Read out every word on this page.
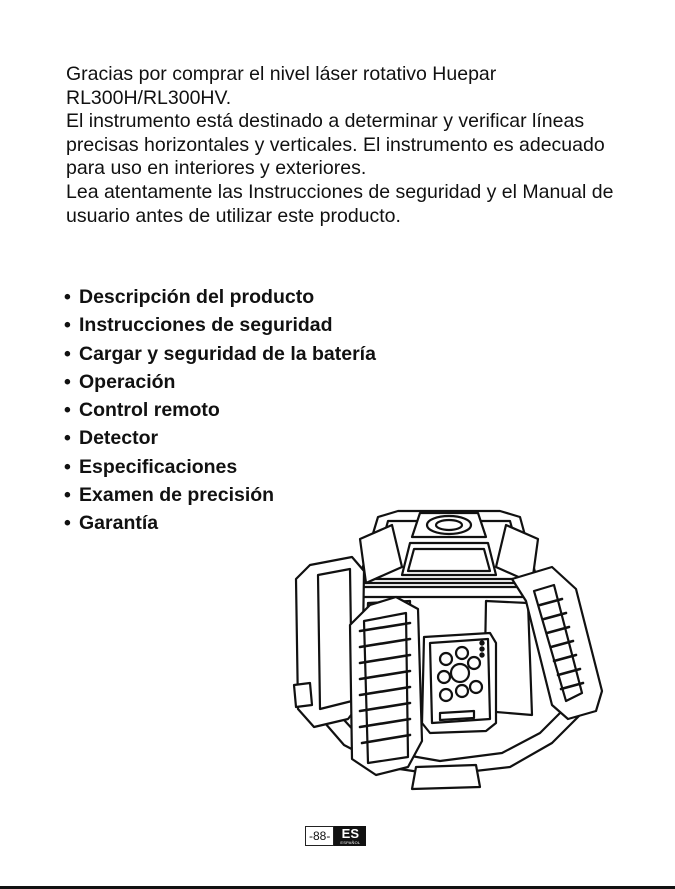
Gracias por comprar el nivel láser rotativo Huepar RL300H/RL300HV.

El instrumento está destinado a determinar y verificar líneas precisas horizontales y verticales. El instrumento es adecuado para uso en interiores y exteriores.

Lea atentamente las Instrucciones de seguridad y el Manual de usuario antes de utilizar este producto.

• Descripción del producto
• Instrucciones de seguridad
• Cargar y seguridad de la batería
• Operación
• Control remoto
• Detector
• Especificaciones
• Examen de precisión
• Garantía
-88- ES
ESPAÑOL
